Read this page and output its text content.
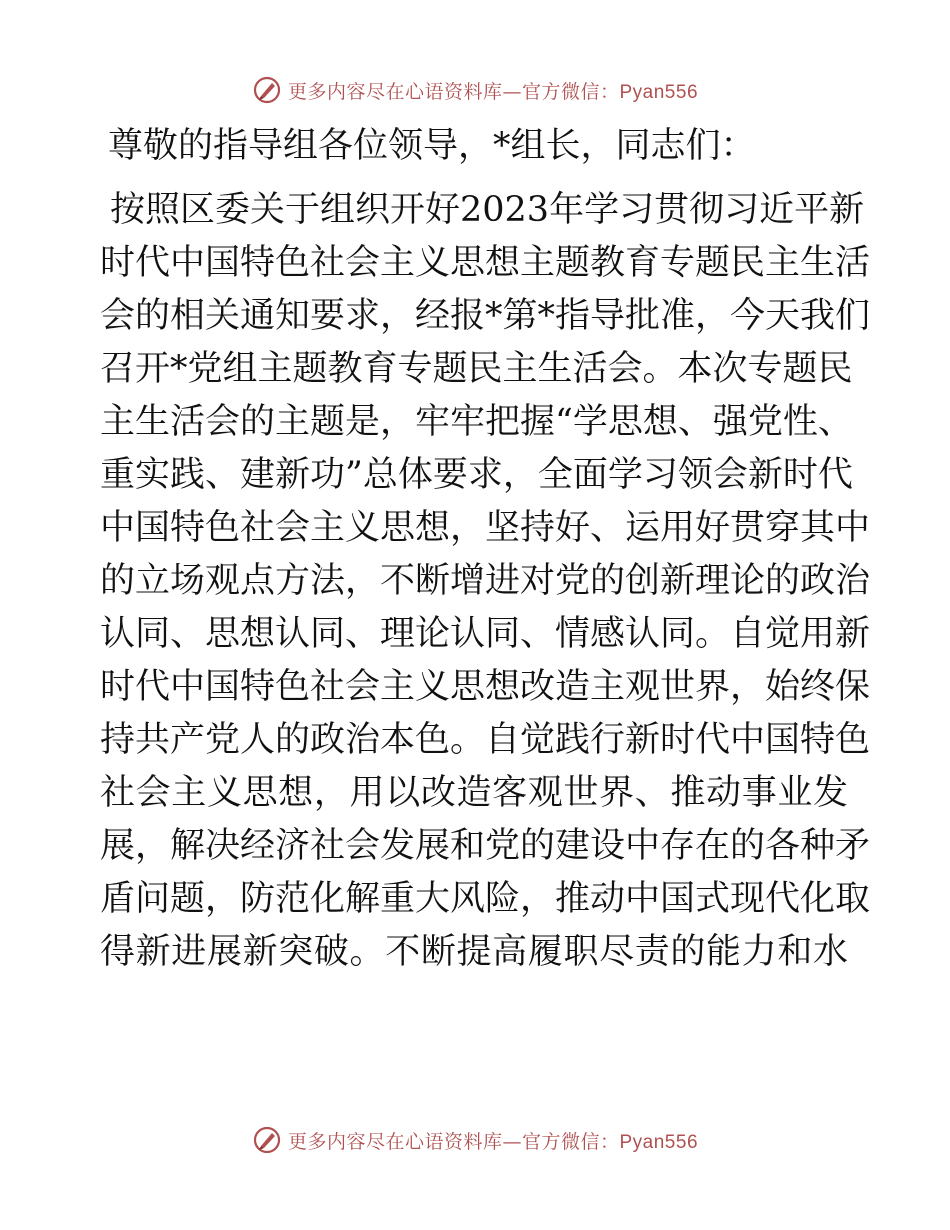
更多内容尽在心语资料库—官方微信：Pyan556

尊敬的指导组各位领导，*组长，同志们：

按照区委关于组织开好2023年学习贯彻习近平新
时代中国特色社会主义思想主题教育专题民主生活
会的相关通知要求，经报*第*指导批准，今天我们
召开*党组主题教育专题民主生活会。本次专题民
主生活会的主题是，牢牢把握“学思想、强党性、
重实践、建新功”总体要求，全面学习领会新时代
中国特色社会主义思想，坚持好、运用好贯穿其中
的立场观点方法，不断增进对党的创新理论的政治
认同、思想认同、理论认同、情感认同。自觉用新
时代中国特色社会主义思想改造主观世界，始终保
持共产党人的政治本色。自觉践行新时代中国特色
社会主义思想，用以改造客观世界、推动事业发
展，解决经济社会发展和党的建设中存在的各种矛
盾问题，防范化解重大风险，推动中国式现代化取
得新进展新突破。不断提高履职尽责的能力和水

更多内容尽在心语资料库—官方微信：Pyan556
